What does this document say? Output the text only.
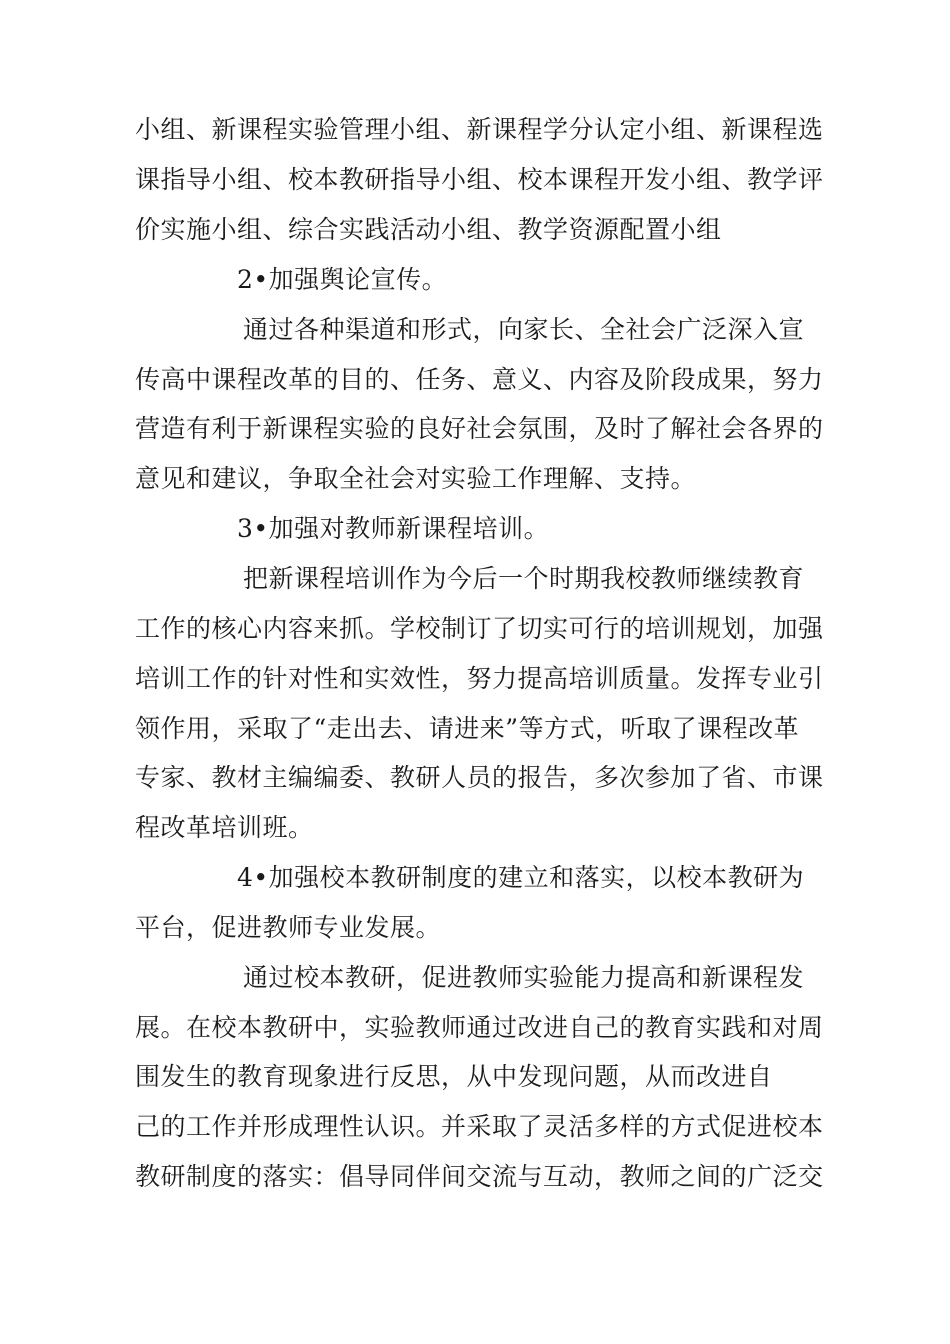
小组、新课程实验管理小组、新课程学分认定小组、新课程选
课指导小组、校本教研指导小组、校本课程开发小组、教学评
价实施小组、综合实践活动小组、教学资源配置小组
2•加强舆论宣传。
通过各种渠道和形式，向家长、全社会广泛深入宣
传高中课程改革的目的、任务、意义、内容及阶段成果，努力
营造有利于新课程实验的良好社会氛围，及时了解社会各界的
意见和建议，争取全社会对实验工作理解、支持。
3•加强对教师新课程培训。
把新课程培训作为今后一个时期我校教师继续教育
工作的核心内容来抓。学校制订了切实可行的培训规划，加强
培训工作的针对性和实效性，努力提高培训质量。发挥专业引
领作用，采取了“走出去、请进来”等方式，听取了课程改革
专家、教材主编编委、教研人员的报告，多次参加了省、市课
程改革培训班。
4•加强校本教研制度的建立和落实，以校本教研为
平台，促进教师专业发展。
通过校本教研，促进教师实验能力提高和新课程发
展。在校本教研中，实验教师通过改进自己的教育实践和对周
围发生的教育现象进行反思，从中发现问题，从而改进自
己的工作并形成理性认识。并采取了灵活多样的方式促进校本
教研制度的落实：倡导同伴间交流与互动，教师之间的广泛交
